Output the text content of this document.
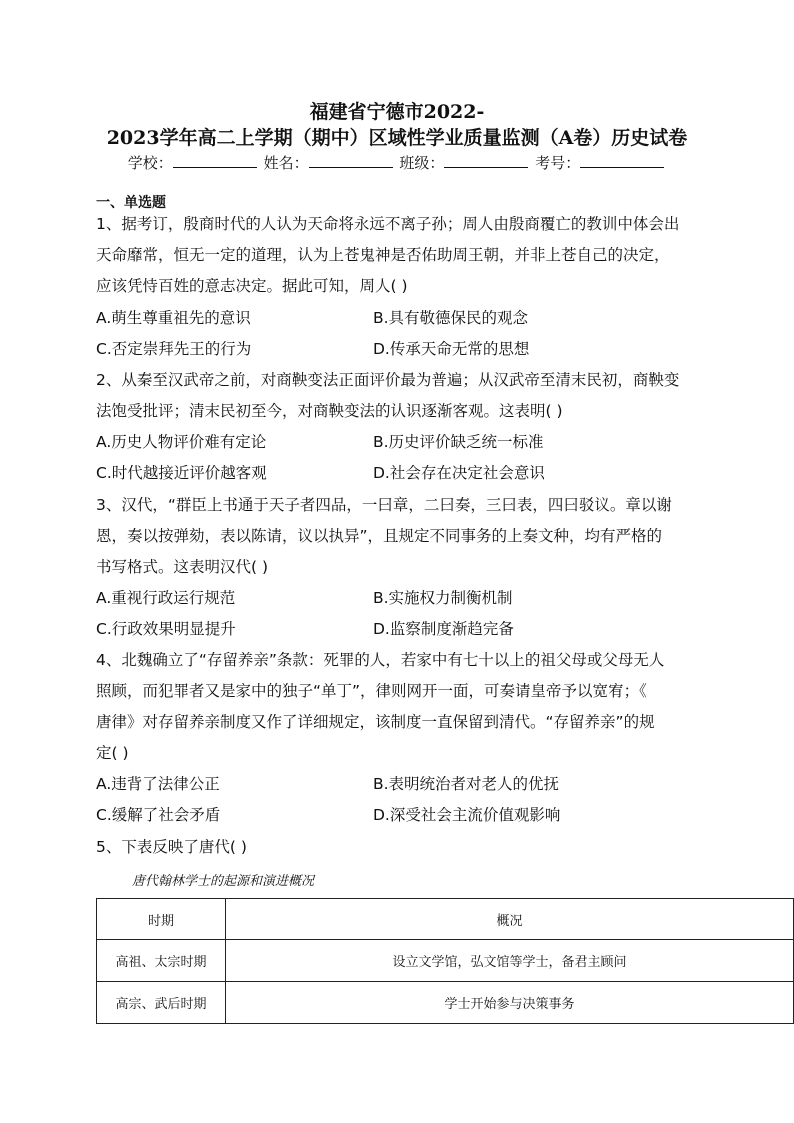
福建省宁德市2022-
2023学年高二上学期（期中）区域性学业质量监测（A卷）历史试卷
学校：	姓名：	班级：	考号：
一、单选题
1、据考订，殷商时代的人认为天命将永远不离子孙；周人由殷商覆亡的教训中体会出
天命靡常，恒无一定的道理，认为上苍鬼神是否佑助周王朝，并非上苍自己的决定，
应该凭恃百姓的意志决定。据此可知，周人( )
A.萌生尊重祖先的意识	B.具有敬德保民的观念
C.否定崇拜先王的行为	D.传承天命无常的思想
2、从秦至汉武帝之前，对商鞅变法正面评价最为普遍；从汉武帝至清末民初，商鞅变
法饱受批评；清末民初至今，对商鞅变法的认识逐渐客观。这表明( )
A.历史人物评价难有定论	B.历史评价缺乏统一标准
C.时代越接近评价越客观	D.社会存在决定社会意识
3、汉代，“群臣上书通于天子者四品，一曰章，二曰奏，三曰表，四曰驳议。章以谢
恩，奏以按弹劾，表以陈请，议以执异”，且规定不同事务的上奏文种，均有严格的
书写格式。这表明汉代( )
A.重视行政运行规范	B.实施权力制衡机制
C.行政效果明显提升	D.监察制度渐趋完备
4、北魏确立了“存留养亲”条款：死罪的人，若家中有七十以上的祖父母或父母无人
照顾，而犯罪者又是家中的独子“单丁”，律则网开一面，可奏请皇帝予以宽宥；《
唐律》对存留养亲制度又作了详细规定，该制度一直保留到清代。“存留养亲”的规
定( )
A.违背了法律公正	B.表明统治者对老人的优抚
C.缓解了社会矛盾	D.深受社会主流价值观影响
5、下表反映了唐代( )
唐代翰林学士的起源和演进概况
时期	概况
高祖、太宗时期	设立文学馆，弘文馆等学士，备君主顾问
高宗、武后时期	学士开始参与决策事务
